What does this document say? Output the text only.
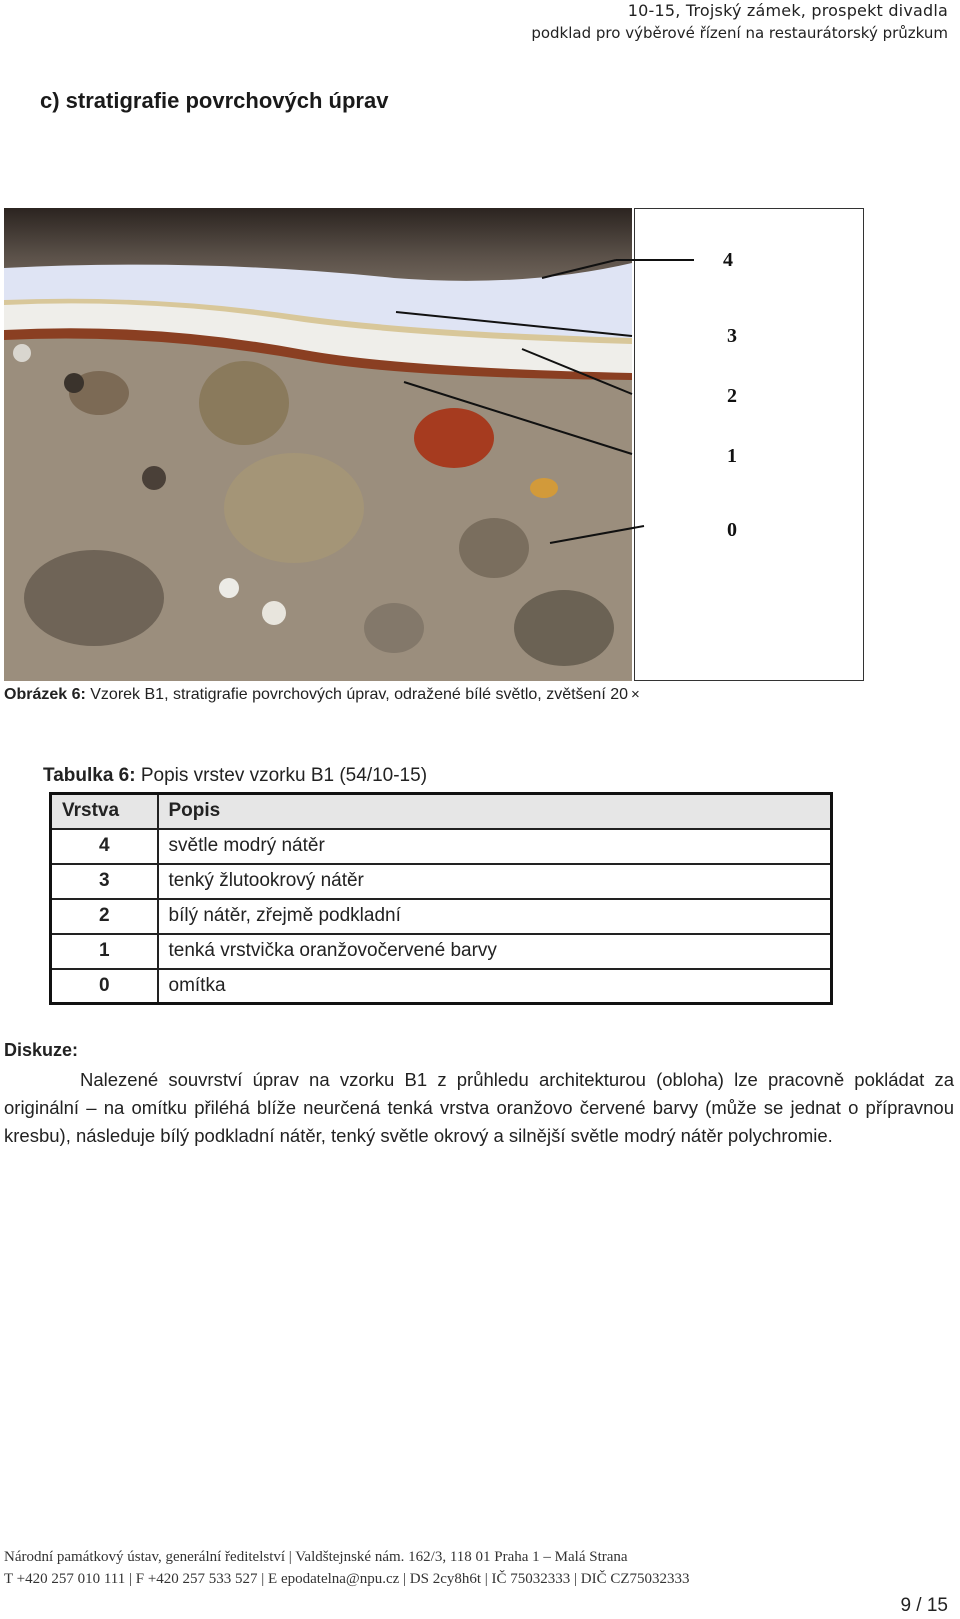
10-15, Trojský zámek, prospekt divadla
podklad pro výběrové řízení na restaurátorský průzkum
c) stratigrafie povrchových úprav
4
3
2
1
0
Obrázek 6: Vzorek B1, stratigrafie povrchových úprav, odražené bílé světlo, zvětšení 20 ×
Tabulka 6: Popis vrstev vzorku B1 (54/10-15)
Vrstva	Popis
4	světle modrý nátěr
3	tenký žlutookrový nátěr
2	bílý nátěr, zřejmě podkladní
1	tenká vrstvička oranžovočervené barvy
0	omítka
Diskuze:
Nalezené souvrství úprav na vzorku B1 z průhledu architekturou (obloha) lze pracovně pokládat za originální – na omítku přiléhá blíže neurčená tenká vrstva oranžovo červené barvy (může se jednat o přípravnou kresbu), následuje bílý podkladní nátěr, tenký světle okrový a silnější světle modrý nátěr polychromie.
Národní památkový ústav, generální ředitelství | Valdštejnské nám. 162/3, 118 01 Praha 1 – Malá Strana
T +420 257 010 111 | F +420 257 533 527 | E epodatelna@npu.cz | DS 2cy8h6t | IČ 75032333 | DIČ CZ75032333
9 / 15
